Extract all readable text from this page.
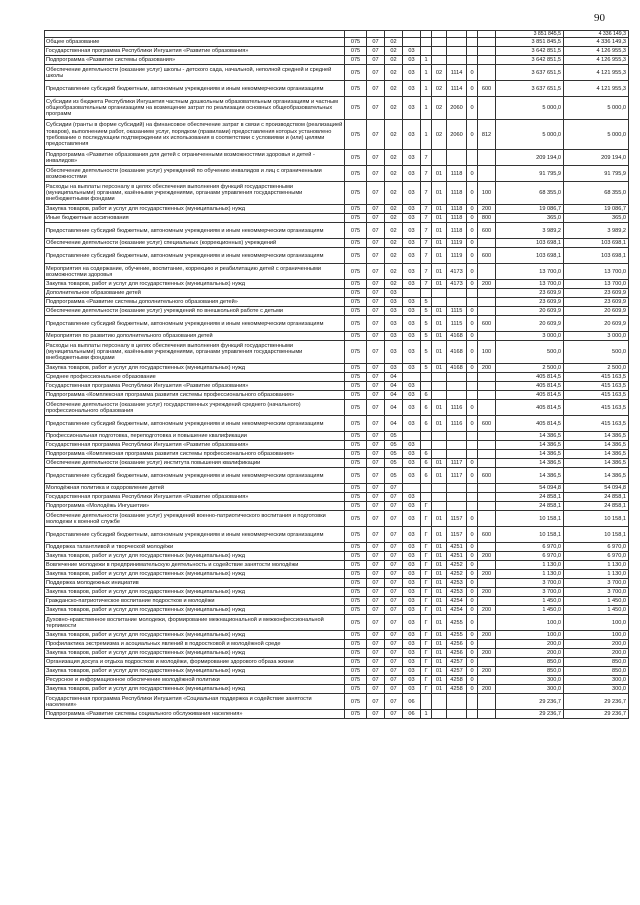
90
										3 851 845,5	4 336 149,3
Общее образование	075	07	02							3 851 845,5	4 336 149,3
Государственная программа Республики Ингушетия «Развитие образования»	075	07	02	03						3 642 851,5	4 126 955,3
Подпрограмма «Развитие системы образования»	075	07	02	03	1					3 642 851,5	4 126 955,3
Обеспечение деятельности (оказание услуг) школы - детского сада, начальной, неполной средней и средней школы	075	07	02	03	1	02	1114	0		3 637 651,5	4 121 955,3
Предоставление субсидий бюджетным, автономным учреждениям и иным некоммерческим организациям	075	07	02	03	1	02	1114	0	600	3 637 651,5	4 121 955,3
Субсидии из бюджета Республики Ингушетия частным дошкольным образовательным организациям и частным общеобразовательным организациям на возмещение затрат по реализации основных общеобразовательных программ	075	07	02	03	1	02	2060	0		5 000,0	5 000,0
Субсидии (гранты в форме субсидий) на финансовое обеспечение затрат в связи с производством (реализацией товаров), выполнением работ, оказанием услуг, порядком (правилами) предоставления которых установлено требование о последующем подтверждении их использования в соответствии с условиями и (или) целями предоставления	075	07	02	03	1	02	2060	0	812	5 000,0	5 000,0
Подпрограмма «Развитие образования для детей с ограниченными возможностями здоровья и детей - инвалидов»	075	07	02	03	7					209 194,0	209 194,0
Обеспечение деятельности (оказание услуг) учреждений по обучению инвалидов и лиц с ограниченными возможностями	075	07	02	03	7	01	1118	0		91 795,9	91 795,9
Расходы на выплаты персоналу в целях обеспечения выполнения функций государственными (муниципальными) органами, казёнными учреждениями, органами управления государственными внебюджетными фондами	075	07	02	03	7	01	1118	0	100	68 355,0	68 355,0
Закупка товаров, работ и услуг для государственных (муниципальных) нужд	075	07	02	03	7	01	1118	0	200	19 086,7	19 086,7
Иные бюджетные ассигнования	075	07	02	03	7	01	1118	0	800	365,0	365,0
Предоставление субсидий бюджетным, автономным учреждениям и иным некоммерческим организациям	075	07	02	03	7	01	1118	0	600	3 989,2	3 989,2
Обеспечение деятельности (оказание услуг) специальных (коррекционных) учреждений	075	07	02	03	7	01	1119	0		103 698,1	103 698,1
Предоставление субсидий бюджетным, автономным учреждениям и иным некоммерческим организациям	075	07	02	03	7	01	1119	0	600	103 698,1	103 698,1
Мероприятия на содержание, обучение, воспитание, коррекцию и реабилитацию детей с ограниченными возможностями здоровья	075	07	02	03	7	01	4173	0		13 700,0	13 700,0
Закупка товаров, работ и услуг для государственных (муниципальных) нужд	075	07	02	03	7	01	4173	0	200	13 700,0	13 700,0
Дополнительное образование детей	075	07	03							23 609,9	23 609,9
Подпрограмма «Развитие системы дополнительного образования детей»	075	07	03	03	5					23 609,9	23 609,9
Обеспечение деятельности (оказание услуг) учреждений по внешкольной работе с детьми	075	07	03	03	5	01	1115	0		20 609,9	20 609,9
Предоставление субсидий бюджетным, автономным учреждениям и иным некоммерческим организациям	075	07	03	03	5	01	1115	0	600	20 609,9	20 609,9
Мероприятия по развитию дополнительного образования детей	075	07	03	03	5	01	4168	0		3 000,0	3 000,0
Расходы на выплаты персоналу в целях обеспечения выполнения функций государственными (муниципальными) органами, казёнными учреждениями, органами управления государственными внебюджетными фондами	075	07	03	03	5	01	4168	0	100	500,0	500,0
Закупка товаров, работ и услуг для государственных (муниципальных) нужд	075	07	03	03	5	01	4168	0	200	2 500,0	2 500,0
Среднее профессиональное образование	075	07	04							405 814,5	415 163,5
Государственная программа Республики Ингушетия «Развитие образования»	075	07	04	03						405 814,5	415 163,5
Подпрограмма «Комплексная программа развития системы профессионального образования»	075	07	04	03	6					405 814,5	415 163,5
Обеспечение деятельности (оказание услуг) государственных учреждений среднего (начального) профессионального образования	075	07	04	03	6	01	1116	0		405 814,5	415 163,5
Предоставление субсидий бюджетным, автономным учреждениям и иным некоммерческим организациям	075	07	04	03	6	01	1116	0	600	405 814,5	415 163,5
Профессиональная подготовка, переподготовка и повышение квалификации	075	07	05							14 386,5	14 386,5
Государственная программа Республики Ингушетия «Развитие образования»	075	07	05	03						14 386,5	14 386,5
Подпрограмма «Комплексная программа развития системы профессионального образования»	075	07	05	03	6					14 386,5	14 386,5
Обеспечение деятельности (оказание услуг) института повышения квалификации	075	07	05	03	6	01	1117	0		14 386,5	14 386,5
Предоставление субсидий бюджетным, автономным учреждениям и иным некоммерческим организациям	075	07	05	03	6	01	1117	0	600	14 386,5	14 386,5
Молодёжная политика и оздоровление детей	075	07	07							54 094,8	54 094,8
Государственная программа Республики Ингушетия «Развитие образования»	075	07	07	03						24 858,1	24 858,1
Подпрограмма «Молодёжь Ингушетии»	075	07	07	03	Г					24 858,1	24 858,1
Обеспечение деятельности (оказание услуг) учреждений военно-патриотического воспитания и подготовки молодежи к военной службе	075	07	07	03	Г	01	1157	0		10 158,1	10 158,1
Предоставление субсидий бюджетным, автономным учреждениям и иным некоммерческим организациям	075	07	07	03	Г	01	1157	0	600	10 158,1	10 158,1
Поддержка талантливой и творческой молодёжи	075	07	07	03	Г	01	4251	0		6 970,0	6 970,0
Закупка товаров, работ и услуг для государственных (муниципальных) нужд	075	07	07	03	Г	01	4251	0	200	6 970,0	6 970,0
Вовлечение молодежи в предпринимательскую деятельность и содействие занятости молодёжи	075	07	07	03	Г	01	4252	0		1 130,0	1 130,0
Закупка товаров, работ и услуг для государственных (муниципальных) нужд	075	07	07	03	Г	01	4252	0	200	1 130,0	1 130,0
Поддержка молодежных инициатив	075	07	07	03	Г	01	4253	0		3 700,0	3 700,0
Закупка товаров, работ и услуг для государственных (муниципальных) нужд	075	07	07	03	Г	01	4253	0	200	3 700,0	3 700,0
Гражданско-патриотическое воспитание подростков и молодёжи	075	07	07	03	Г	01	4254	0		1 450,0	1 450,0
Закупка товаров, работ и услуг для государственных (муниципальных) нужд	075	07	07	03	Г	01	4254	0	200	1 450,0	1 450,0
Духовно-нравственное воспитание молодежи, формирование межнациональной и межконфессиональной терпимости	075	07	07	03	Г	01	4255	0		100,0	100,0
Закупка товаров, работ и услуг для государственных (муниципальных) нужд	075	07	07	03	Г	01	4255	0	200	100,0	100,0
Профилактика экстремизма и асоциальных явлений в подростковой и молодёжной среде	075	07	07	03	Г	01	4256	0		200,0	200,0
Закупка товаров, работ и услуг для государственных (муниципальных) нужд	075	07	07	03	Г	01	4256	0	200	200,0	200,0
Организация досуга и отдыха подростков и молодёжи, формирование здорового образа жизни	075	07	07	03	Г	01	4257	0		850,0	850,0
Закупка товаров, работ и услуг для государственных (муниципальных) нужд	075	07	07	03	Г	01	4257	0	200	850,0	850,0
Ресурсное и информационное обеспечение молодёжной политики	075	07	07	03	Г	01	4258	0		300,0	300,0
Закупка товаров, работ и услуг для государственных (муниципальных) нужд	075	07	07	03	Г	01	4258	0	200	300,0	300,0
Государственная программа Республики Ингушетия «Социальная поддержка и содействие занятости населения»	075	07	07	06						29 236,7	29 236,7
Подпрограмма «Развитие системы социального обслуживания населения»	075	07	07	06	1					29 236,7	29 236,7
